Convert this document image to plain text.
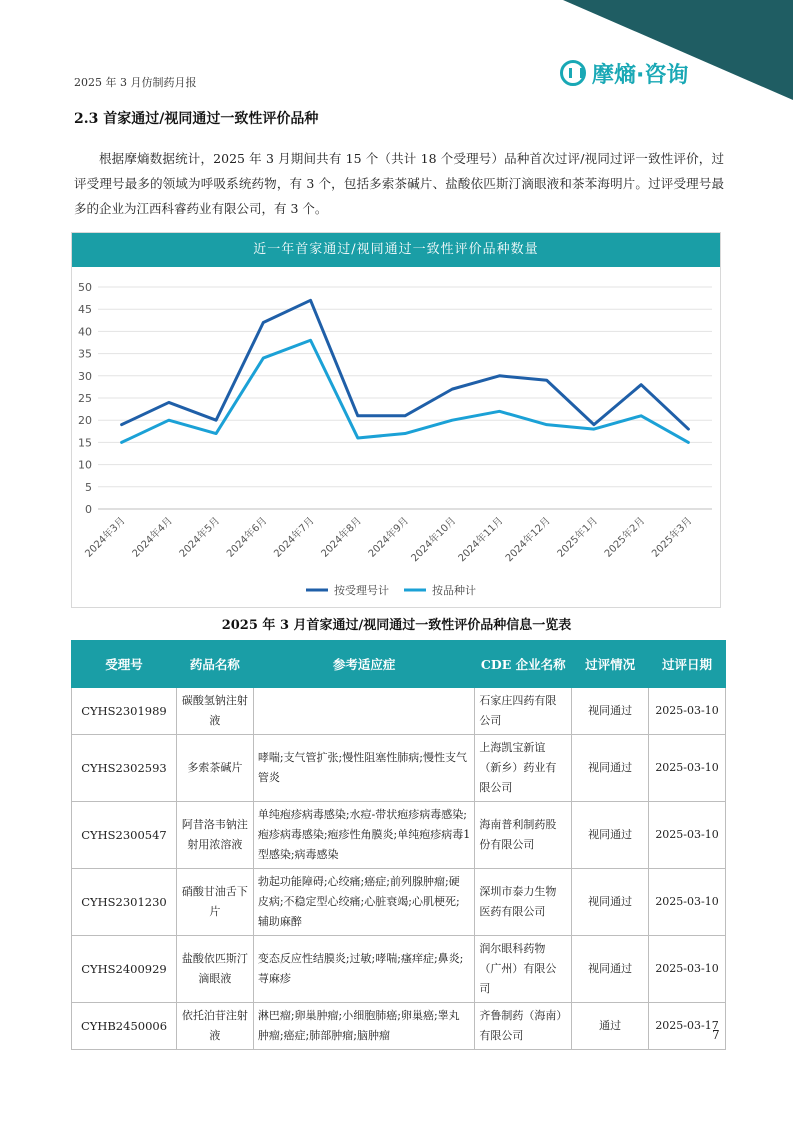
2025 年 3 月仿制药月报	摩熵·咨询
2.3 首家通过/视同通过一致性评价品种
根据摩熵数据统计，2025 年 3 月期间共有 15 个（共计 18 个受理号）品种首次过评/视同过评一致性评价，过评受理号最多的领域为呼吸系统药物，有 3 个，包括多索茶碱片、盐酸依匹斯汀滴眼液和茶苯海明片。过评受理号最多的企业为江西科睿药业有限公司，有 3 个。
近一年首家通过/视同通过一致性评价品种数量
0
5
10
15
20
25
30
35
40
45
50
2024年3月 2024年4月 2024年5月 2024年6月 2024年7月 2024年8月 2024年9月
2024年10月
2024年11月
2024年12月 2025年1月 2025年2月 2025年3月
按受理号计	按品种计
2025 年 3 月首家通过/视同通过一致性评价品种信息一览表
受理号	药品名称	参考适应症	CDE 企业名称	过评情况	过评日期
CYHS2301989	碳酸氢钠注射液		石家庄四药有限公司	视同通过	2025-03-10
CYHS2302593	多索茶碱片	哮喘;支气管扩张;慢性阻塞性肺病;慢性支气管炎	上海凯宝新谊（新乡）药业有限公司	视同通过	2025-03-10
CYHS2300547	阿昔洛韦钠注射用浓溶液	单纯疱疹病毒感染;水痘-带状疱疹病毒感染;疱疹病毒感染;疱疹性角膜炎;单纯疱疹病毒1型感染;病毒感染	海南普利制药股份有限公司	视同通过	2025-03-10
CYHS2301230	硝酸甘油舌下片	勃起功能障碍;心绞痛;癌症;前列腺肿瘤;硬皮病;不稳定型心绞痛;心脏衰竭;心肌梗死;辅助麻醉	深圳市泰力生物医药有限公司	视同通过	2025-03-10
CYHS2400929	盐酸依匹斯汀滴眼液	变态反应性结膜炎;过敏;哮喘;瘙痒症;鼻炎;荨麻疹	润尔眼科药物（广州）有限公司	视同通过	2025-03-10
CYHB2450006	依托泊苷注射液	淋巴瘤;卵巢肿瘤;小细胞肺癌;卵巢癌;睾丸肿瘤;癌症;肺部肿瘤;脑肿瘤	齐鲁制药（海南）有限公司	通过	2025-03-17
7
